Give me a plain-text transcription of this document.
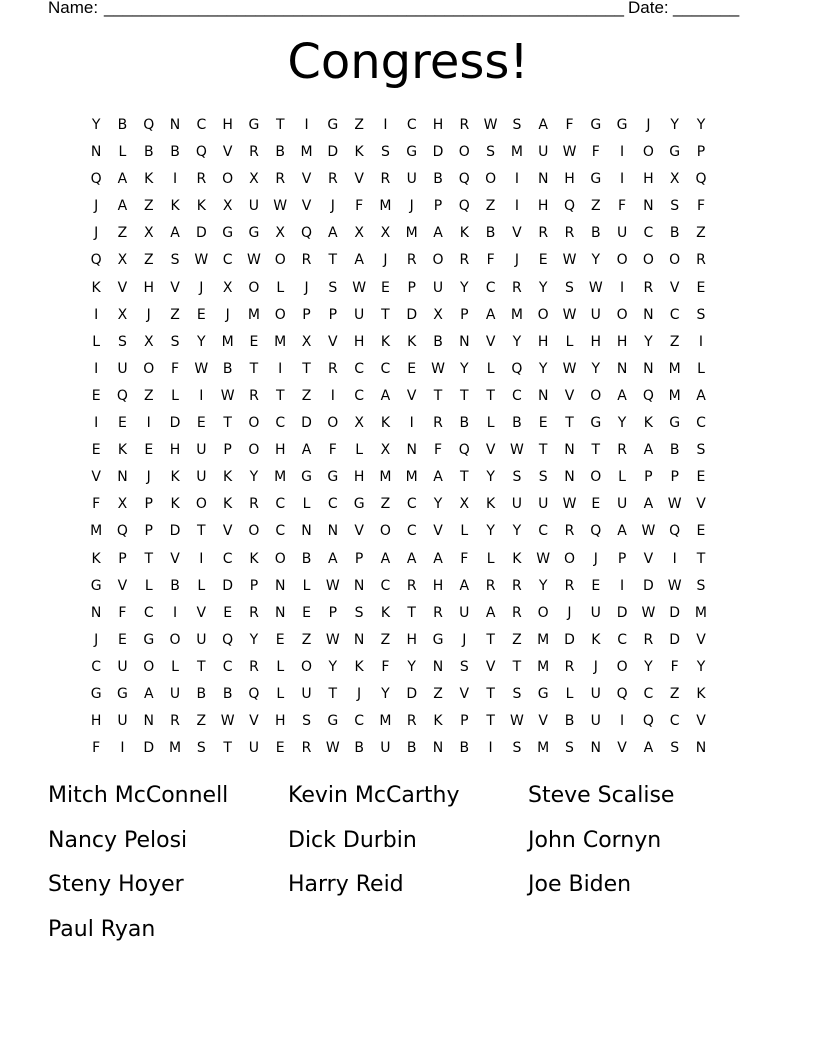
Name: _______________________________________________________ Date: _______
Congress!
Y	B	Q	N	C	H	G	T	I	G	Z	I	C	H	R	W	S	A	F	G	G	J	Y	Y
N	L	B	B	Q	V	R	B	M	D	K	S	G	D	O	S	M	U	W	F	I	O	G	P
Q	A	K	I	R	O	X	R	V	R	V	R	U	B	Q	O	I	N	H	G	I	H	X	Q
J	A	Z	K	K	X	U	W	V	J	F	M	J	P	Q	Z	I	H	Q	Z	F	N	S	F
J	Z	X	A	D	G	G	X	Q	A	X	X	M	A	K	B	V	R	R	B	U	C	B	Z
Q	X	Z	S	W	C	W O	R	T	A	J	R	O	R	F	J	E	W	Y	O	O	O	R
K	V	H	V	J	X	O	L	J	S	W	E	P	U	Y	C	R	Y	S	W	I	R	V	E
I	X	J	Z	E	J	M	O	P	P	U	T	D	X	P	A	M	O W	U	O	N	C	S
L	S	X	S	Y	M	E	M	X	V	H	K	K	B	N	V	Y	H	L	H	H	Y	Z	I
I	U	O	F	W	B	T	I	T	R	C	C	E	W	Y	L	Q	Y	W	Y	N	N	M	L
E	Q	Z	L	I	W	R	T	Z	I	C	A	V	T	T	T	C	N	V	O	A	Q	M	A
I	E	I	D	E	T	O	C	D	O	X	K	I	R	B	L	B	E	T	G	Y	K	G	C
E	K	E	H	U	P	O	H	A	F	L	X	N	F	Q	V	W	T	N	T	R	A	B	S
V	N	J	K	U	K	Y	M	G	G	H	M	M	A	T	Y	S	S	N	O	L	P	P	E
F	X	P	K	O	K	R	C	L	C	G	Z	C	Y	X	K	U	U	W	E	U	A	W	V
M	Q	P	D	T	V	O	C	N	N	V	O	C	V	L	Y	Y	C	R	Q	A	W Q	E
K	P	T	V	I	C	K	O	B	A	P	A	A	A	F	L	K	W O	J	P	V	I	T
G	V	L	B	L	D	P	N	L	W	N	C	R	H	A	R	R	Y	R	E	I	D W	S
N	F	C	I	V	E	R	N	E	P	S	K	T	R	U	A	R	O	J	U	D W D	M
J	E	G	O	U	Q	Y	E	Z	W	N	Z	H	G	J	T	Z	M	D	K	C	R	D	V
C	U	O	L	T	C	R	L	O	Y	K	F	Y	N	S	V	T	M	R	J	O	Y	F	Y
G	G	A	U	B	B	Q	L	U	T	J	Y	D	Z	V	T	S	G	L	U	Q	C	Z	K
H	U	N	R	Z	W	V	H	S	G	C	M	R	K	P	T	W	V	B	U	I	Q	C	V
F	I	D	M	S	T	U	E	R	W	B	U	B	N	B	I	S	M	S	N	V	A	S	N
Mitch McConnell	Kevin McCarthy	Steve Scalise
Nancy Pelosi	Dick Durbin	John Cornyn
Steny Hoyer	Harry Reid	Joe Biden
Paul Ryan
